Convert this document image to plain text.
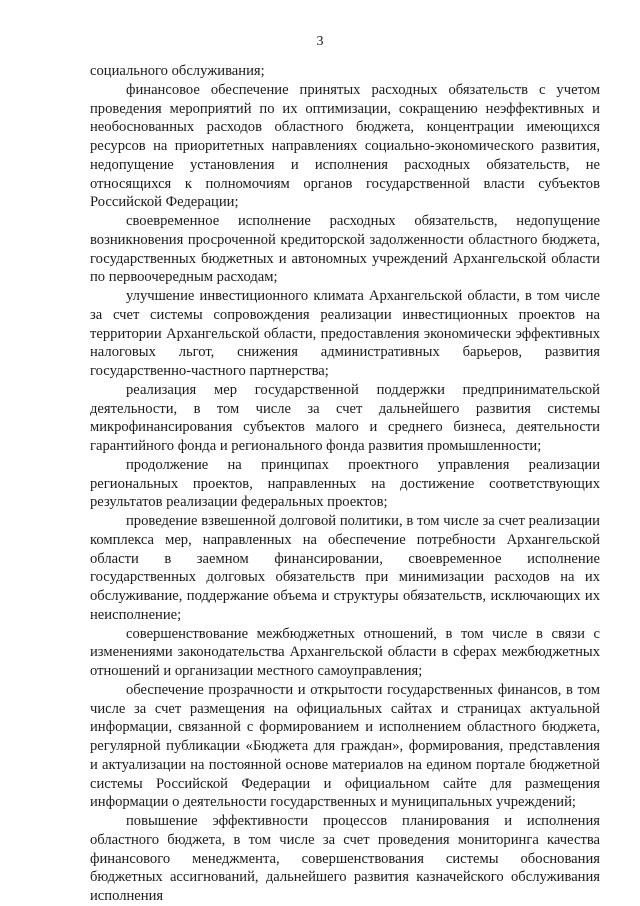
3

социального обслуживания;

финансовое обеспечение принятых расходных обязательств с учетом проведения мероприятий по их оптимизации, сокращению неэффективных и необоснованных расходов областного бюджета, концентрации имеющихся ресурсов на приоритетных направлениях социально-экономического развития, недопущение установления и исполнения расходных обязательств, не относящихся к полномочиям органов государственной власти субъектов Российской Федерации;

своевременное исполнение расходных обязательств, недопущение возникновения просроченной кредиторской задолженности областного бюджета, государственных бюджетных и автономных учреждений Архангельской области по первоочередным расходам;

улучшение инвестиционного климата Архангельской области, в том числе за счет системы сопровождения реализации инвестиционных проектов на территории Архангельской области, предоставления экономически эффективных налоговых льгот, снижения административных барьеров, развития государственно-частного партнерства;

реализация мер государственной поддержки предпринимательской деятельности, в том числе за счет дальнейшего развития системы микрофинансирования субъектов малого и среднего бизнеса, деятельности гарантийного фонда и регионального фонда развития промышленности;

продолжение на принципах проектного управления реализации региональных проектов, направленных на достижение соответствующих результатов реализации федеральных проектов;

проведение взвешенной долговой политики, в том числе за счет реализации комплекса мер, направленных на обеспечение потребности Архангельской области в заемном финансировании, своевременное исполнение государственных долговых обязательств при минимизации расходов на их обслуживание, поддержание объема и структуры обязательств, исключающих их неисполнение;

совершенствование межбюджетных отношений, в том числе в связи с изменениями законодательства Архангельской области в сферах межбюджетных отношений и организации местного самоуправления;

обеспечение прозрачности и открытости государственных финансов, в том числе за счет размещения на официальных сайтах и страницах актуальной информации, связанной с формированием и исполнением областного бюджета, регулярной публикации «Бюджета для граждан», формирования, представления и актуализации на постоянной основе материалов на едином портале бюджетной системы Российской Федерации и официальном сайте для размещения информации о деятельности государственных и муниципальных учреждений;

повышение эффективности процессов планирования и исполнения областного бюджета, в том числе за счет проведения мониторинга качества финансового менеджмента, совершенствования системы обоснования бюджетных ассигнований, дальнейшего развития казначейского обслуживания исполнения
